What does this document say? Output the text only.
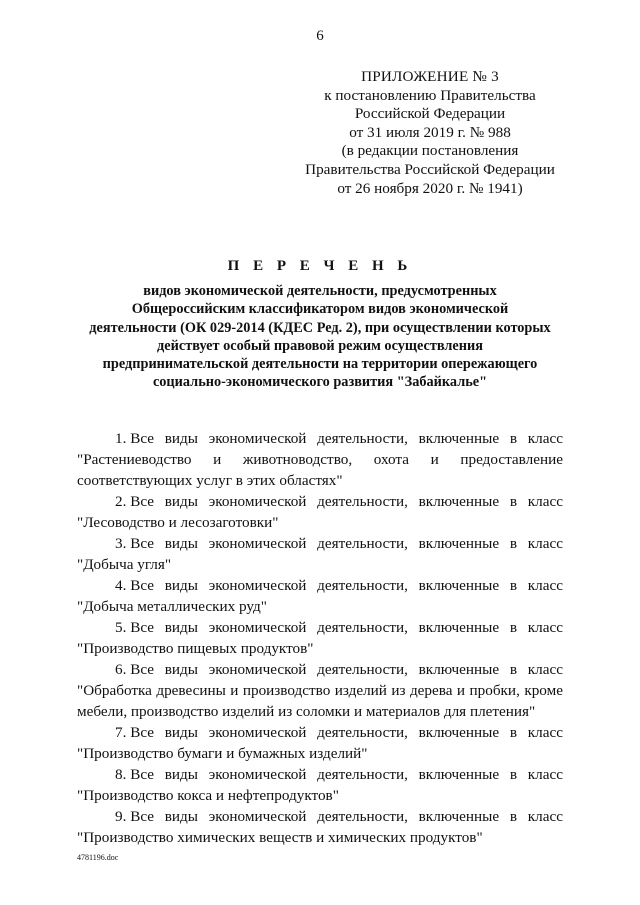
6
ПРИЛОЖЕНИЕ № 3
к постановлению Правительства
Российской Федерации
от 31 июля 2019 г. № 988
(в редакции постановления
Правительства Российской Федерации
от 26 ноября 2020 г. № 1941)
П Е Р Е Ч Е Н Ь
видов экономической деятельности, предусмотренных
Общероссийским классификатором видов экономической
деятельности (ОК 029-2014 (КДЕС Ред. 2), при осуществлении которых
действует особый правовой режим осуществления
предпринимательской деятельности на территории опережающего
социально-экономического развития "Забайкалье"
1. Все виды экономической деятельности, включенные в класс
"Растениеводство и животноводство, охота и предоставление
соответствующих услуг в этих областях"
2. Все виды экономической деятельности, включенные в класс
"Лесоводство и лесозаготовки"
3. Все виды экономической деятельности, включенные в класс
"Добыча угля"
4. Все виды экономической деятельности, включенные в класс
"Добыча металлических руд"
5. Все виды экономической деятельности, включенные в класс
"Производство пищевых продуктов"
6. Все виды экономической деятельности, включенные в класс
"Обработка древесины и производство изделий из дерева и пробки, кроме
мебели, производство изделий из соломки и материалов для плетения"
7. Все виды экономической деятельности, включенные в класс
"Производство бумаги и бумажных изделий"
8. Все виды экономической деятельности, включенные в класс
"Производство кокса и нефтепродуктов"
9. Все виды экономической деятельности, включенные в класс
"Производство химических веществ и химических продуктов"
4781196.doc
